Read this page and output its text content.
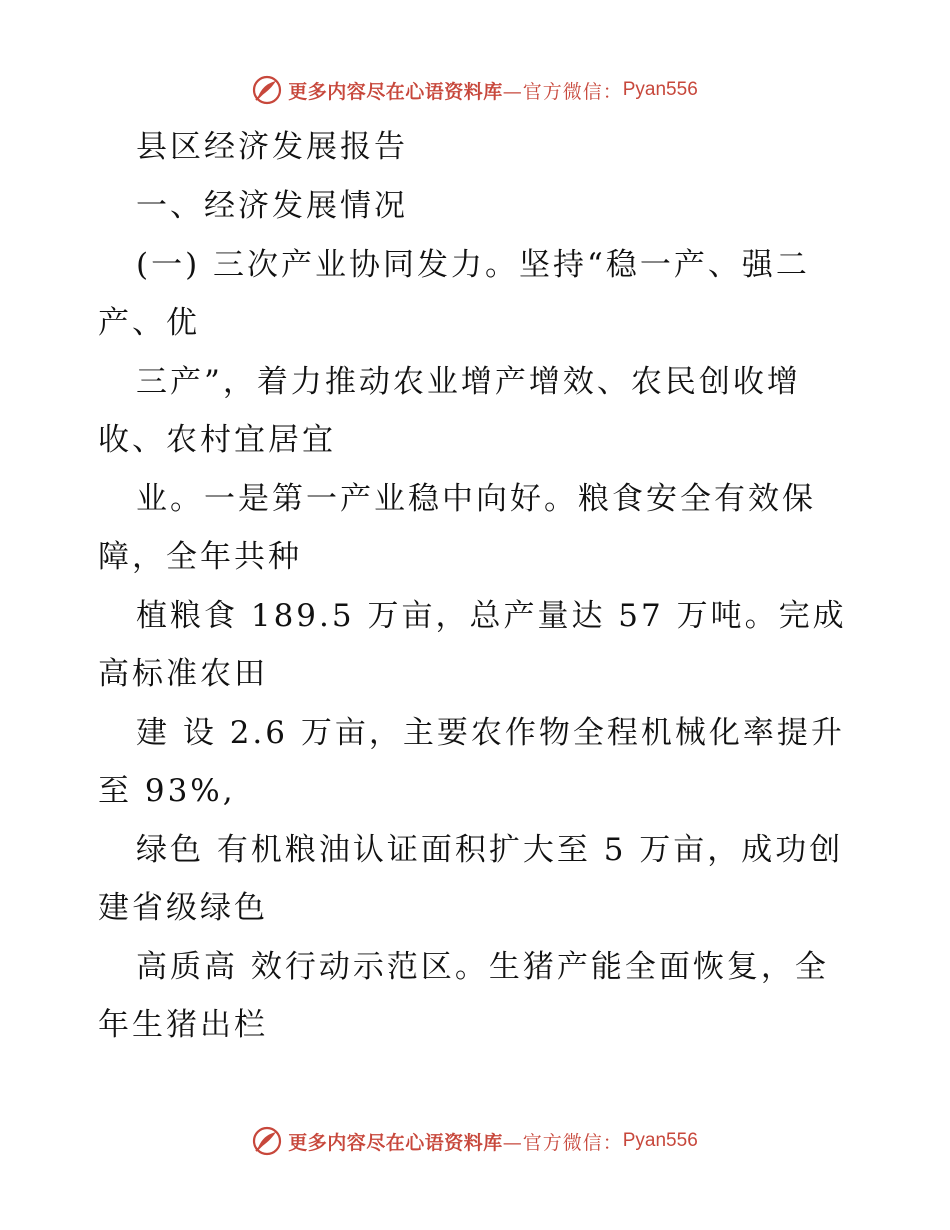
更多内容尽在心语资料库 —官方微信： Pyan556
县区经济发展报告
一、经济发展情况
(一) 三次产业协同发力。坚持“稳一产、强二
产、优
三产”，着力推动农业增产增效、农民创收增
收、农村宜居宜
业。一是第一产业稳中向好。粮食安全有效保
障，全年共种
植粮食 189.5 万亩，总产量达 57 万吨。完成
高标准农田
建 设 2.6 万亩，主要农作物全程机械化率提升
至 93%,
绿色 有机粮油认证面积扩大至 5 万亩，成功创
建省级绿色
高质高 效行动示范区。生猪产能全面恢复，全
年生猪出栏
更多内容尽在心语资料库 —官方微信： Pyan556
